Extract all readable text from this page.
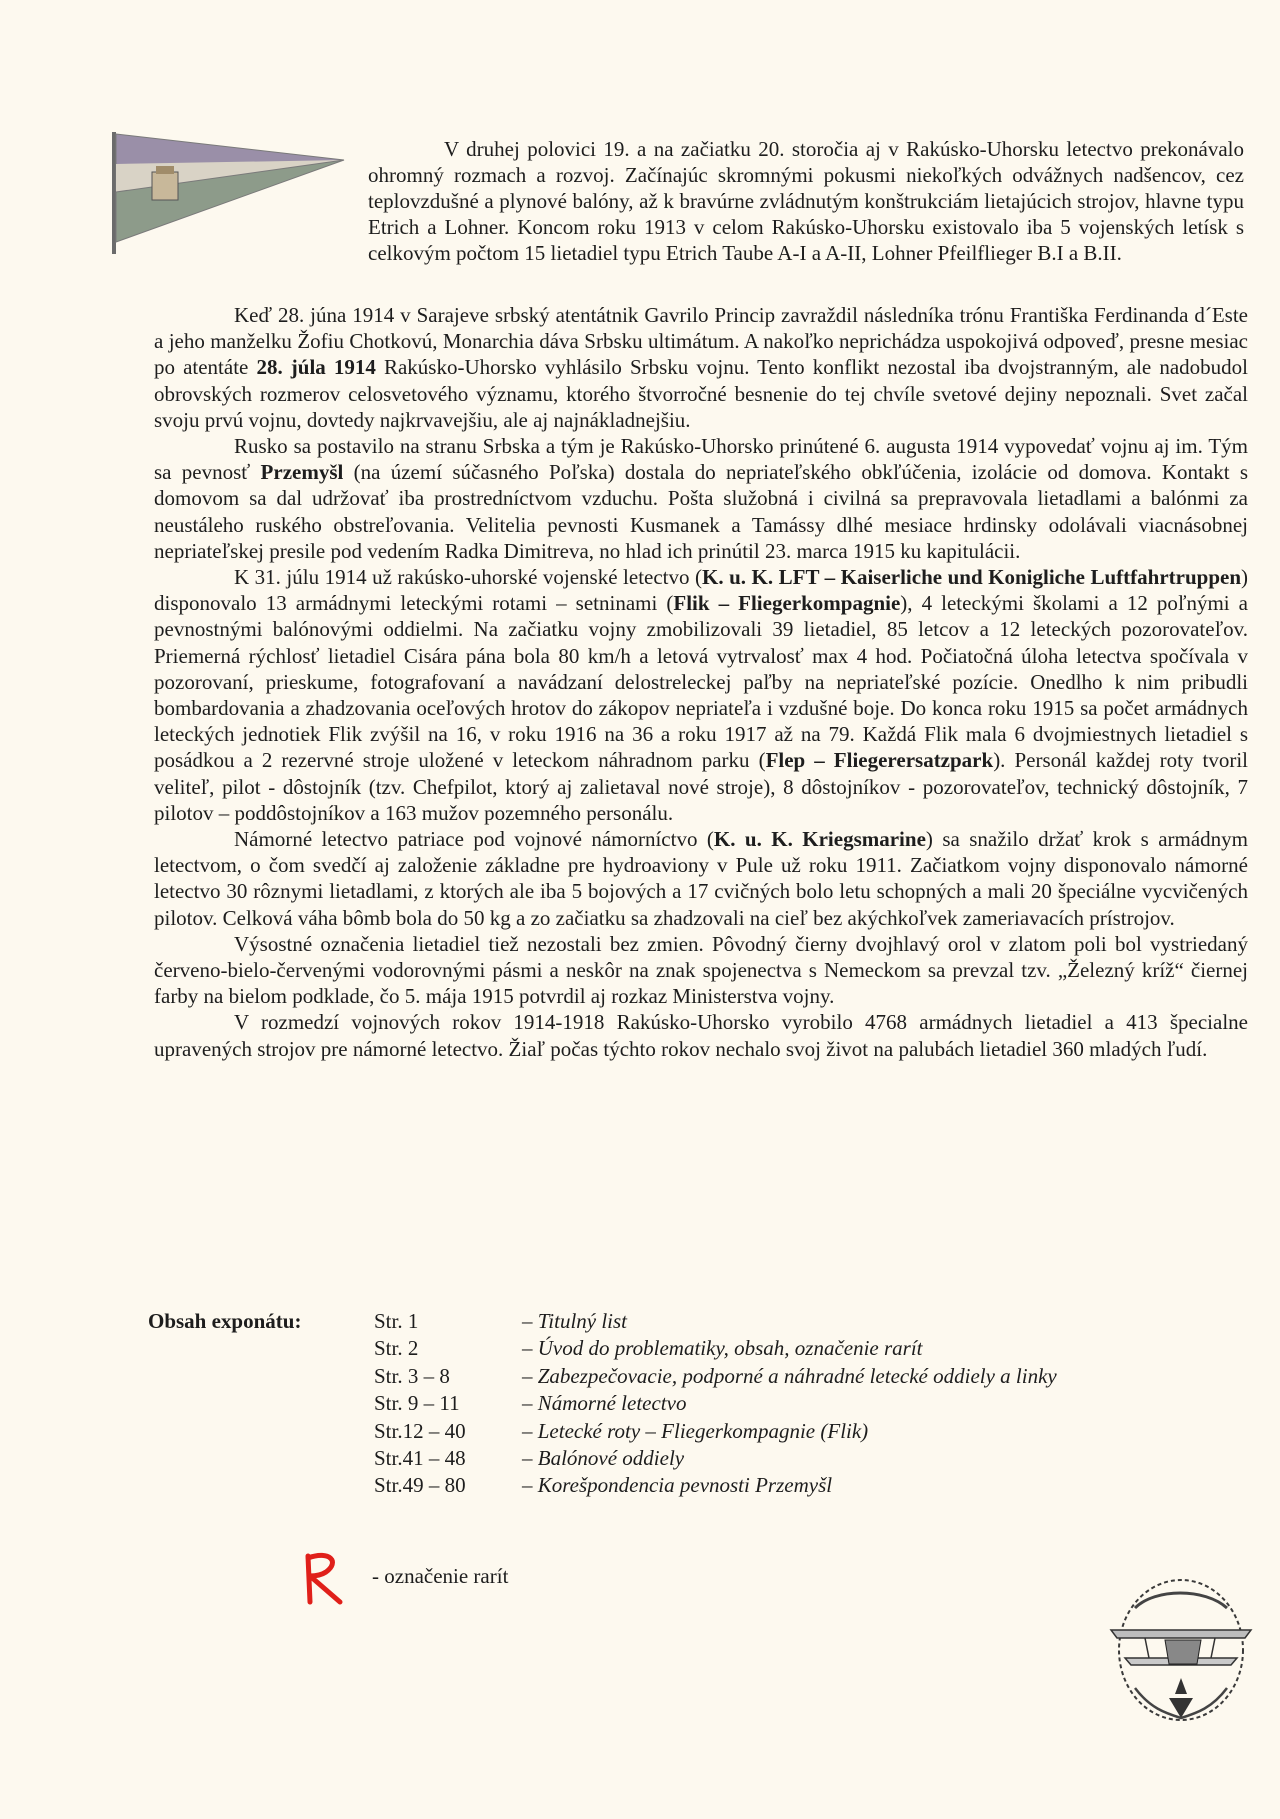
V druhej polovici 19. a na začiatku 20. storočia aj v Rakúsko-Uhorsku letectvo prekonávalo ohromný rozmach a rozvoj. Začínajúc skromnými pokusmi niekoľkých odvážnych nadšencov, cez teplovzdušné a plynové balóny, až k bravúrne zvládnutým konštrukciám lietajúcich strojov, hlavne typu Etrich a Lohner. Koncom roku 1913 v celom Rakúsko-Uhorsku existovalo iba 5 vojenských letísk s celkovým počtom 15 lietadiel typu Etrich Taube A-I a A-II, Lohner Pfeilflieger B.I a B.II.

Keď 28. júna 1914 v Sarajeve srbský atentátnik Gavrilo Princip zavraždil následníka trónu Františka Ferdinanda d´Este a jeho manželku Žofiu Chotkovú, Monarchia dáva Srbsku ultimátum. A nakoľko neprichádza uspokojivá odpoveď, presne mesiac po atentáte 28. júla 1914 Rakúsko-Uhorsko vyhlásilo Srbsku vojnu. Tento konflikt nezostal iba dvojstranným, ale nadobudol obrovských rozmerov celosvetového významu, ktorého štvorročné besnenie do tej chvíle svetové dejiny nepoznali. Svet začal svoju prvú vojnu, dovtedy najkrvavejšiu, ale aj najnákladnejšiu.

Rusko sa postavilo na stranu Srbska a tým je Rakúsko-Uhorsko prinútené 6. augusta 1914 vypovedať vojnu aj im. Tým sa pevnosť Przemyšl (na území súčasného Poľska) dostala do nepriateľského obkľúčenia, izolácie od domova. Kontakt s domovom sa dal udržovať iba prostredníctvom vzduchu. Pošta služobná i civilná sa prepravovala lietadlami a balónmi za neustáleho ruského obstreľovania. Velitelia pevnosti Kusmanek a Tamássy dlhé mesiace hrdinsky odolávali viacnásobnej nepriateľskej presile pod vedením Radka Dimitreva, no hlad ich prinútil 23. marca 1915 ku kapitulácii.

K 31. júlu 1914 už rakúsko-uhorské vojenské letectvo (K. u. K. LFT – Kaiserliche und Konigliche Luftfahrtruppen) disponovalo 13 armádnymi leteckými rotami – setninami (Flik – Fliegerkompagnie), 4 leteckými školami a 12 poľnými a pevnostnými balónovými oddielmi. Na začiatku vojny zmobilizovali 39 lietadiel, 85 letcov a 12 leteckých pozorovateľov. Priemerná rýchlosť lietadiel Cisára pána bola 80 km/h a letová vytrvalosť max 4 hod. Počiatočná úloha letectva spočívala v pozorovaní, prieskume, fotografovaní a navádzaní delostreleckej paľby na nepriateľské pozície. Onedlho k nim pribudli bombardovania a zhadzovania oceľových hrotov do zákopov nepriateľa i vzdušné boje. Do konca roku 1915 sa počet armádnych leteckých jednotiek Flik zvýšil na 16, v roku 1916 na 36 a roku 1917 až na 79. Každá Flik mala 6 dvojmiestnych lietadiel s posádkou a 2 rezervné stroje uložené v leteckom náhradnom parku (Flep – Fliegerersatzpark). Personál každej roty tvoril veliteľ, pilot - dôstojník (tzv. Chefpilot, ktorý aj zalietaval nové stroje), 8 dôstojníkov - pozorovateľov, technický dôstojník, 7 pilotov – poddôstojníkov a 163 mužov pozemného personálu.

Námorné letectvo patriace pod vojnové námorníctvo (K. u. K. Kriegsmarine) sa snažilo držať krok s armádnym letectvom, o čom svedčí aj založenie základne pre hydroaviony v Pule už roku 1911. Začiatkom vojny disponovalo námorné letectvo 30 rôznymi lietadlami, z ktorých ale iba 5 bojových a 17 cvičných bolo letu schopných a mali 20 špeciálne vycvičených pilotov. Celková váha bômb bola do 50 kg a zo začiatku sa zhadzovali na cieľ bez akýchkoľvek zameriavacích prístrojov.

Výsostné označenia lietadiel tiež nezostali bez zmien. Pôvodný čierny dvojhlavý orol v zlatom poli bol vystriedaný červeno-bielo-červenými vodorovnými pásmi a neskôr na znak spojenectva s Nemeckom sa prevzal tzv. „Železný kríž“ čiernej farby na bielom podklade, čo 5. mája 1915 potvrdil aj rozkaz Ministerstva vojny.

V rozmedzí vojnových rokov 1914-1918 Rakúsko-Uhorsko vyrobilo 4768 armádnych lietadiel a 413 špecialne upravených strojov pre námorné letectvo. Žiaľ počas týchto rokov nechalo svoj život na palubách lietadiel 360 mladých ľudí.

Obsah exponátu:	Str. 1	– Titulný list
Str. 2	– Úvod do problematiky, obsah, označenie rarít
Str. 3 – 8	– Zabezpečovacie, podporné a náhradné letecké oddiely a linky
Str. 9 – 11	– Námorné letectvo
Str.12 – 40	– Letecké roty – Fliegerkompagnie (Flik)
Str.41 – 48	– Balónové oddiely
Str.49 – 80	– Korešpondencia pevnosti Przemyšl
- označenie rarít
